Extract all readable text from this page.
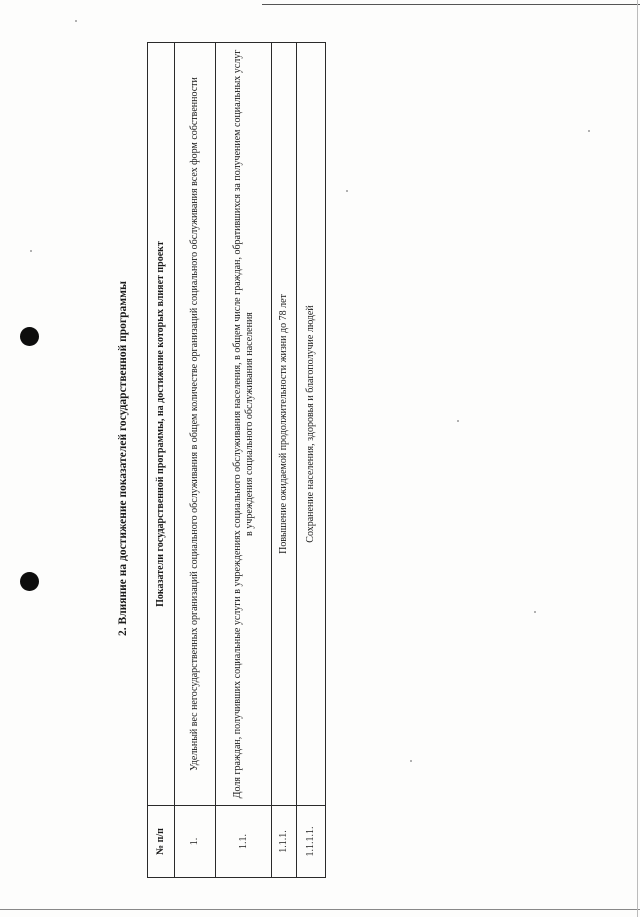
2. Влияние на достижение показателей государственной программы
№ п/п	Показатели государственной программы, на достижение которых влияет проект
1.	Удельный вес негосударственных организаций социального обслуживания в общем количестве организаций социального обслуживания всех форм собственности
1.1.	Доля граждан, получивших социальные услуги в учреждениях социального обслуживания населения, в общем числе граждан, обратившихся за получением социальных услуг в учреждения социального обслуживания населения
1.1.1.	Повышение ожидаемой продолжительности жизни до 78 лет
1.1.1.1.	Сохранение населения, здоровья и благополучие людей
